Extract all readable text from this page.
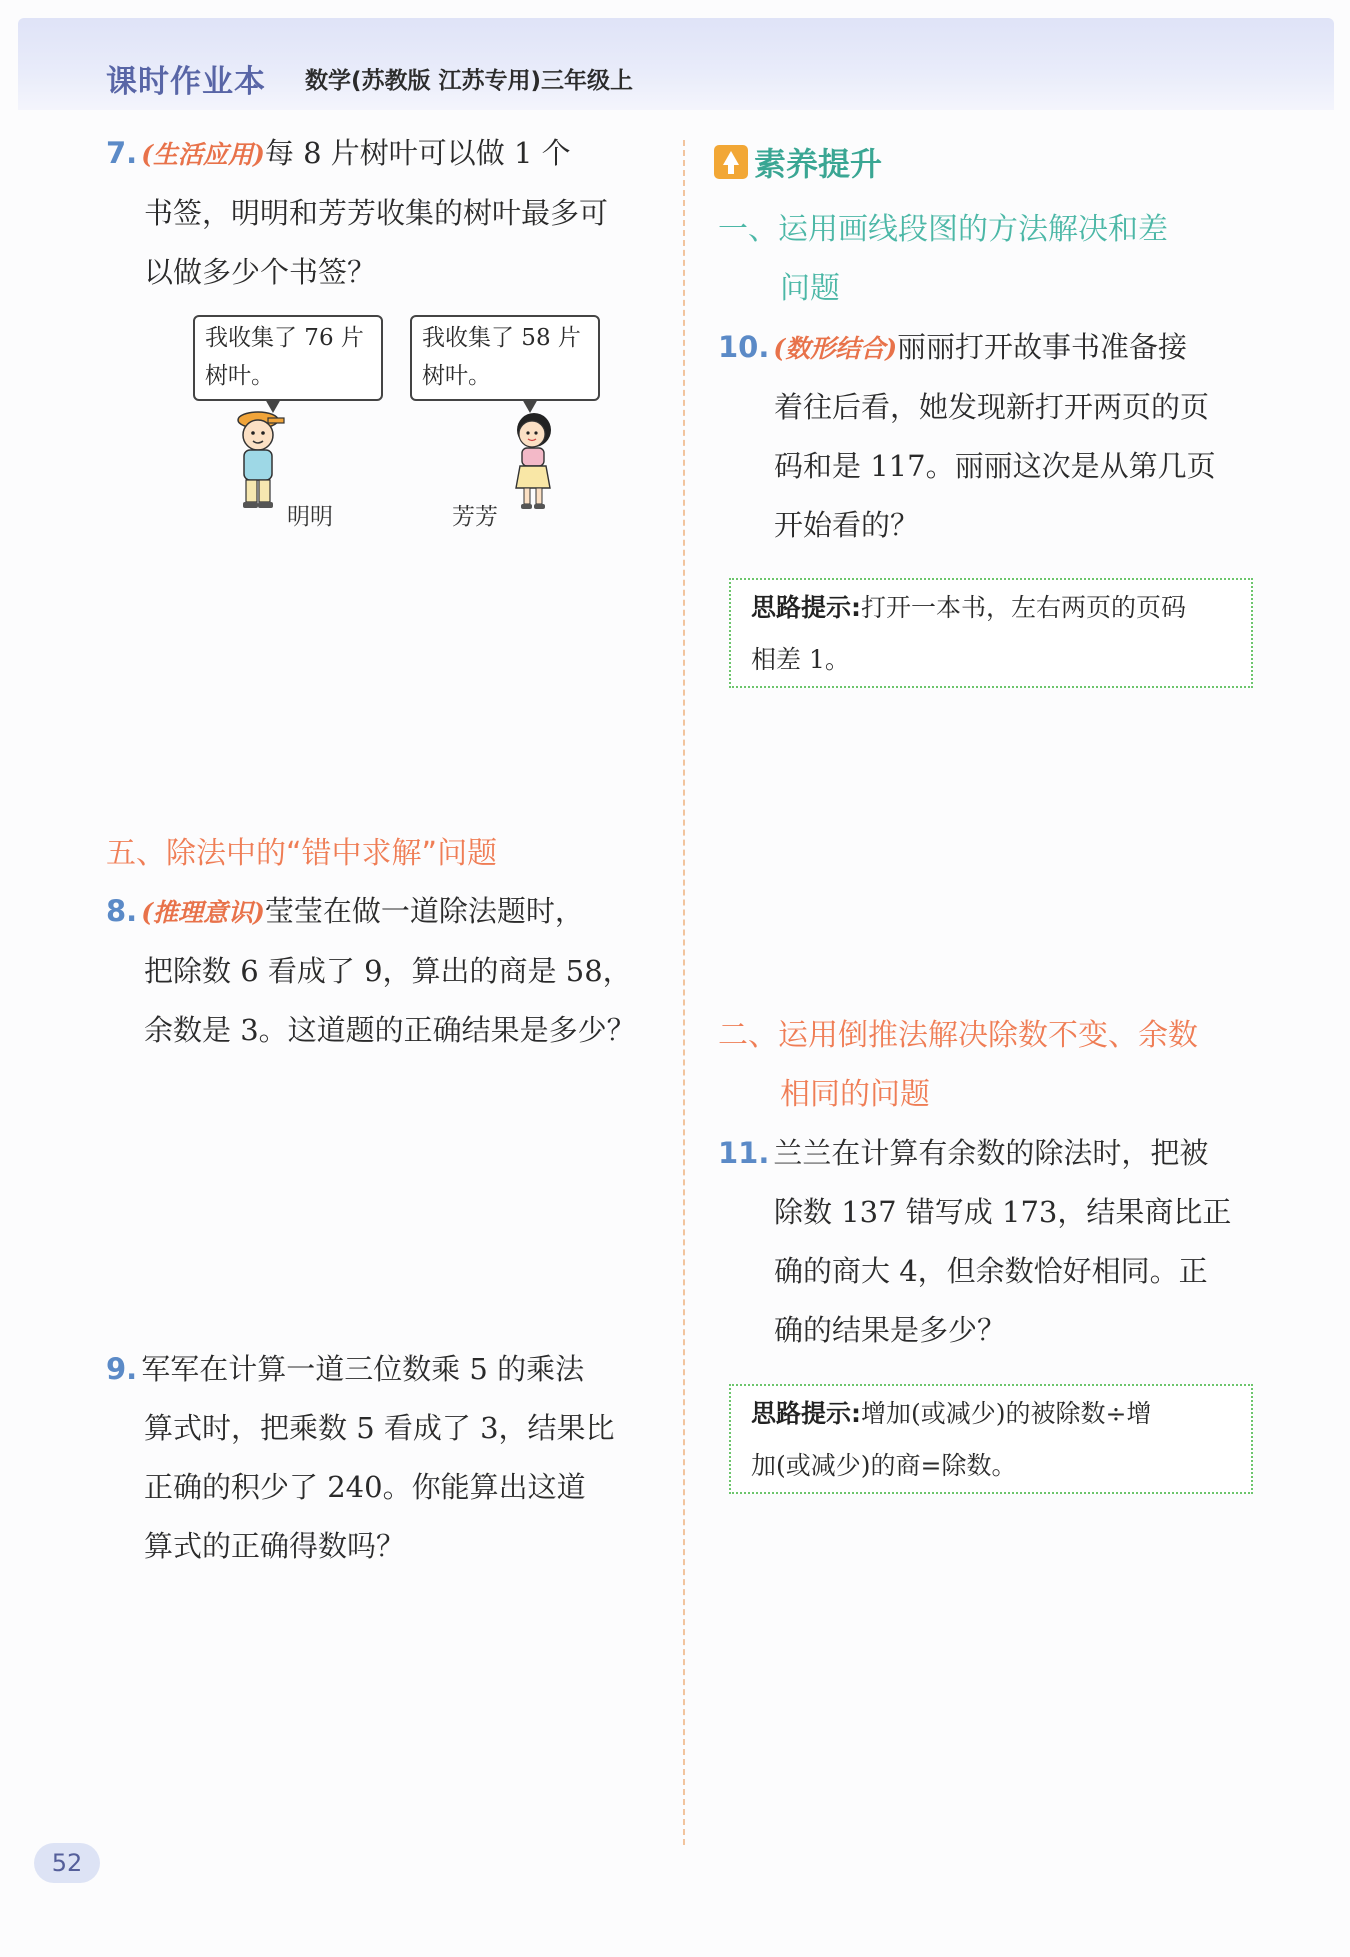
课时作业本 数学(苏教版 江苏专用)三年级上
7. (生活应用)每 8 片树叶可以做 1 个
书签，明明和芳芳收集的树叶最多可
以做多少个书签？
我收集了 76 片
树叶。
我收集了 58 片
树叶。
明明	芳芳
五、除法中的“错中求解”问题
8. (推理意识)莹莹在做一道除法题时，
把除数 6 看成了 9，算出的商是 58，
余数是 3。这道题的正确结果是多少？
9. 军军在计算一道三位数乘 5 的乘法
算式时，把乘数 5 看成了 3，结果比
正确的积少了 240。你能算出这道
算式的正确得数吗？
素养提升
一、运用画线段图的方法解决和差
问题
10. (数形结合)丽丽打开故事书准备接
着往后看，她发现新打开两页的页
码和是 117。丽丽这次是从第几页
开始看的？
思路提示:打开一本书，左右两页的页码
相差 1。
二、运用倒推法解决除数不变、余数
相同的问题
11. 兰兰在计算有余数的除法时，把被
除数 137 错写成 173，结果商比正
确的商大 4，但余数恰好相同。正
确的结果是多少？
思路提示:增加(或减少)的被除数÷增
加(或减少)的商=除数。
52
